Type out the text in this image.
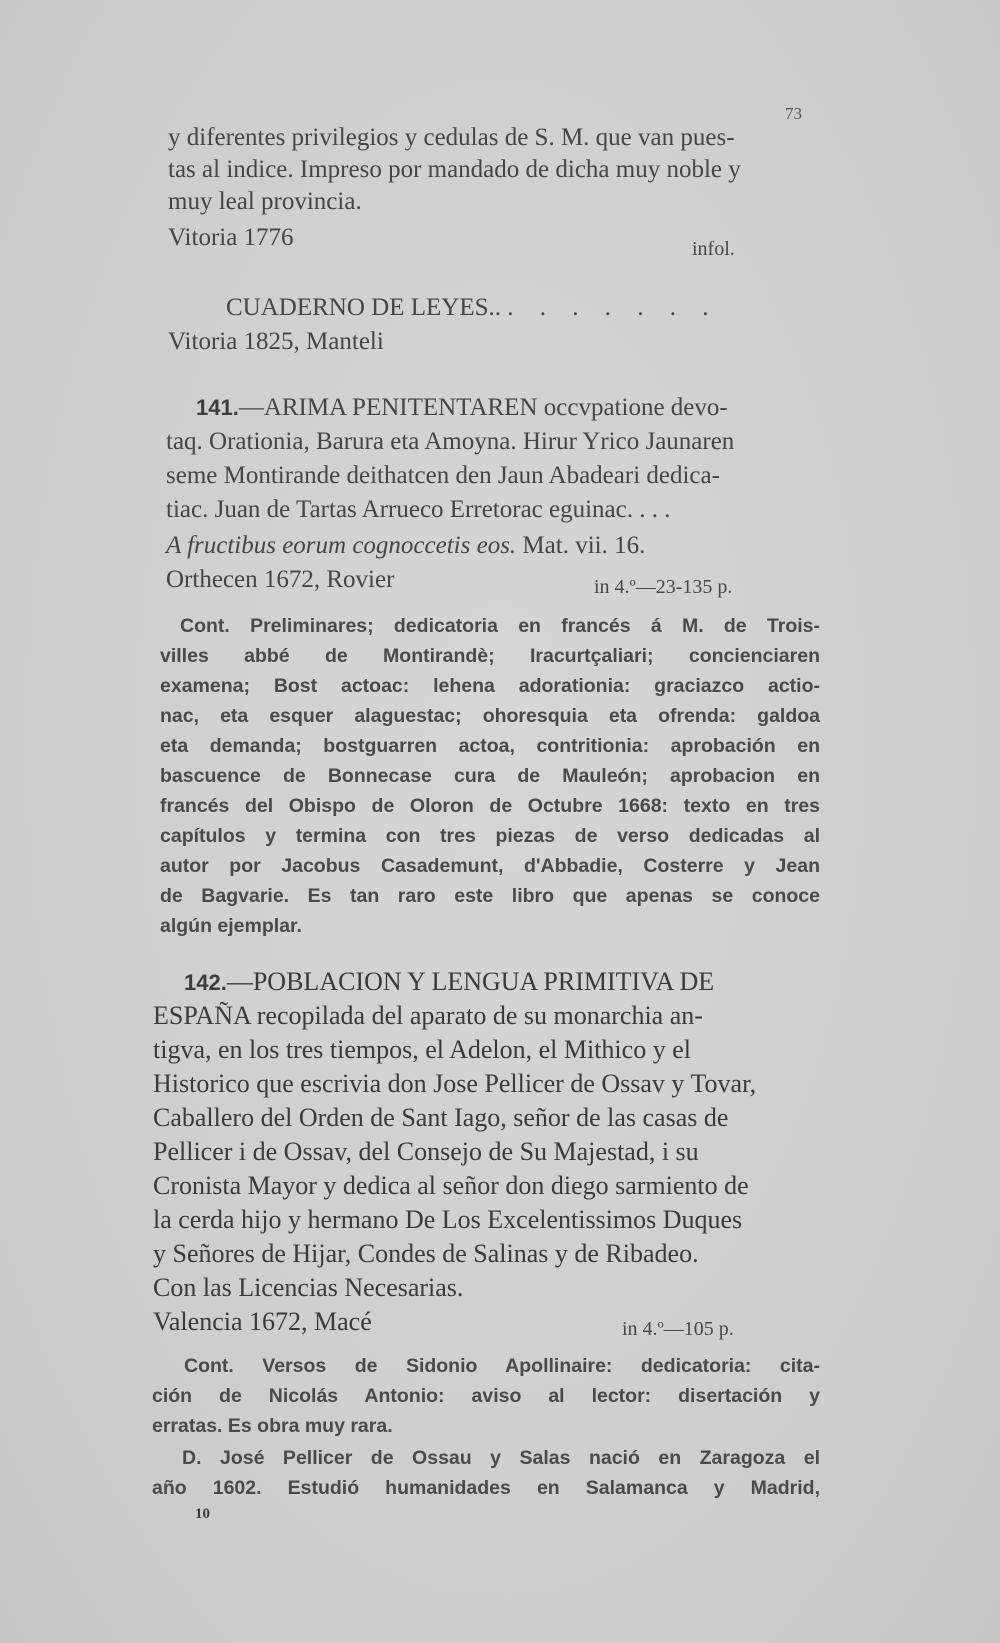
73
y diferentes privilegios y cedulas de S. M. que van pues-
tas al indice. Impreso por mandado de dicha muy noble y
muy leal provincia.
Vitoria 1776	infol.
CUADERNO DE LEYES.. . . . . . . .
Vitoria 1825, Manteli
141.—ARIMA PENITENTAREN occvpatione devo-
taq. Orationia, Barura eta Amoyna. Hirur Yrico Jaunaren
seme Montirande deithatcen den Jaun Abadeari dedica-
tiac. Juan de Tartas Arrueco Erretorac eguinac. . . .
A fructibus eorum cognoccetis eos. Mat. vii. 16.
Orthecen 1672, Rovier	in 4.º—23-135 p.
Cont. Preliminares; dedicatoria en francés á M. de Trois-
villes abbé de Montirandè; Iracurtçaliari; concienciaren
examena; Bost actoac: lehena adorationia: graciazco actio-
nac, eta esquer alaguestac; ohoresquia eta ofrenda: galdoa
eta demanda; bostguarren actoa, contritionia: aprobación en
bascuence de Bonnecase cura de Mauleón; aprobacion en
francés del Obispo de Oloron de Octubre 1668: texto en tres
capítulos y termina con tres piezas de verso dedicadas al
autor por Jacobus Casademunt, d'Abbadie, Costerre y Jean
de Bagvarie. Es tan raro este libro que apenas se conoce
algún ejemplar.
142.—POBLACION Y LENGUA PRIMITIVA DE
ESPAÑA recopilada del aparato de su monarchia an-
tigva, en los tres tiempos, el Adelon, el Mithico y el
Historico que escrivia don Jose Pellicer de Ossav y Tovar,
Caballero del Orden de Sant Iago, señor de las casas de
Pellicer i de Ossav, del Consejo de Su Majestad, i su
Cronista Mayor y dedica al señor don diego sarmiento de
la cerda hijo y hermano De Los Excelentissimos Duques
y Señores de Hijar, Condes de Salinas y de Ribadeo.
Con las Licencias Necesarias.
Valencia 1672, Macé	in 4.º—105 p.
Cont. Versos de Sidonio Apollinaire: dedicatoria: cita-
ción de Nicolás Antonio: aviso al lector: disertación y
erratas. Es obra muy rara.
D. José Pellicer de Ossau y Salas nació en Zaragoza el
año 1602. Estudió humanidades en Salamanca y Madrid,
10
